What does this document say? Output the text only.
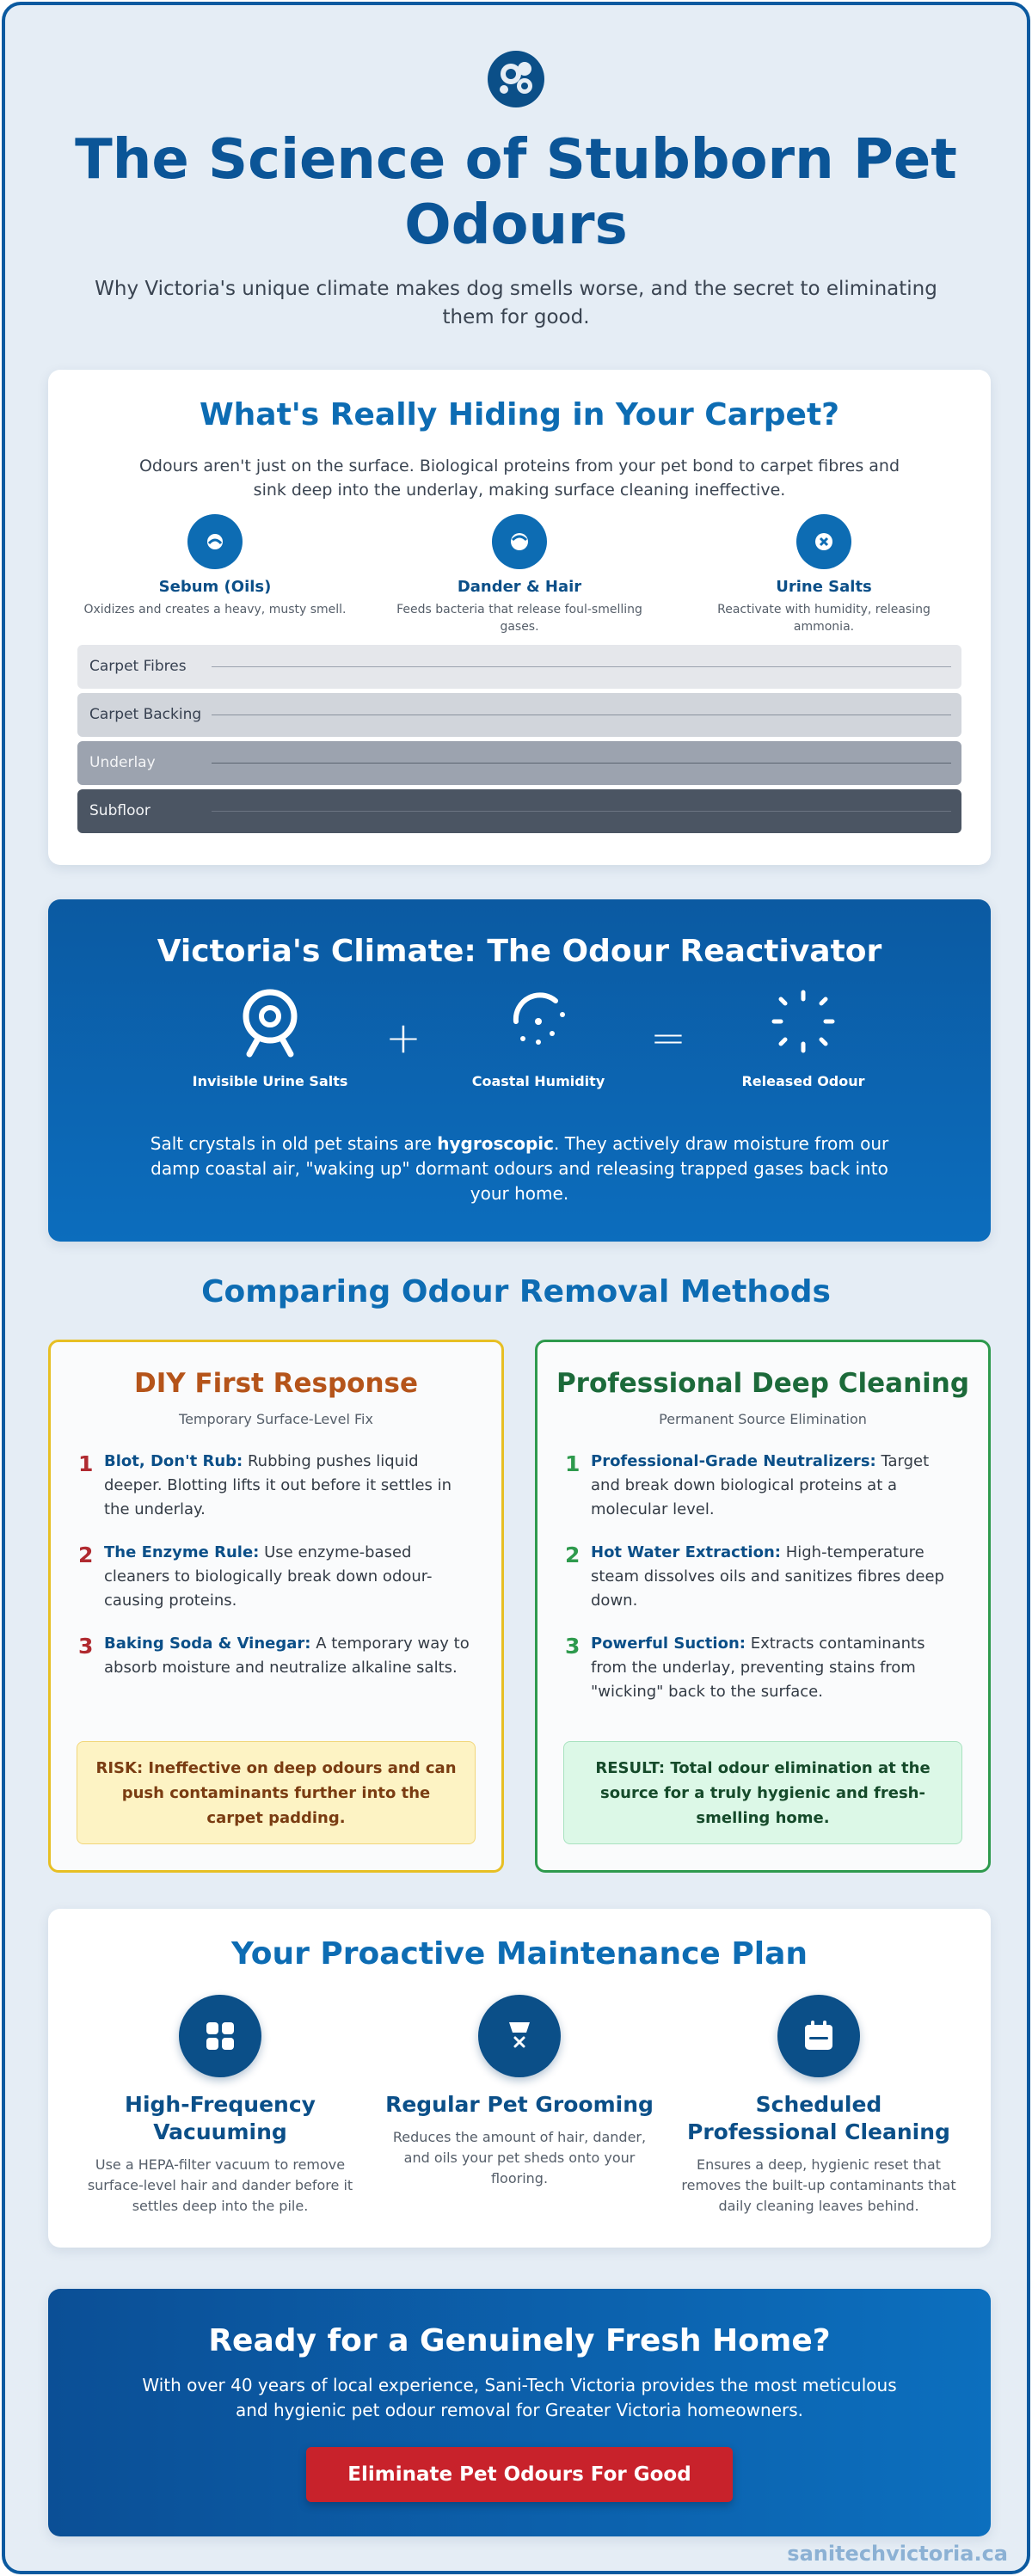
The Science of Stubborn Pet Odours

Why Victoria's unique climate makes dog smells worse, and the secret to eliminating them for good.

What's Really Hiding in Your Carpet?

Odours aren't just on the surface. Biological proteins from your pet bond to carpet fibres and sink deep into the underlay, making surface cleaning ineffective.

Sebum (Oils)
Oxidizes and creates a heavy, musty smell.
Dander & Hair
Feeds bacteria that release foul-smelling gases.
Urine Salts
Reactivate with humidity, releasing ammonia.
Carpet Fibres
Carpet Backing
Underlay
Subfloor
Victoria's Climate: The Odour Reactivator
Invisible Urine Salts
+
Coastal Humidity
=
Released Odour

Salt crystals in old pet stains are hygroscopic. They actively draw moisture from our damp coastal air, "waking up" dormant odours and releasing trapped gases back into your home.

Comparing Odour Removal Methods
DIY First Response
Temporary Surface-Level Fix
1 Blot, Don't Rub: Rubbing pushes liquid deeper. Blotting lifts it out before it settles in the underlay.
2 The Enzyme Rule: Use enzyme-based cleaners to biologically break down odour-causing proteins.
3 Baking Soda & Vinegar: A temporary way to absorb moisture and neutralize alkaline salts.
RISK: Ineffective on deep odours and can push contaminants further into the carpet padding.
Professional Deep Cleaning
Permanent Source Elimination
1 Professional-Grade Neutralizers: Target and break down biological proteins at a molecular level.
2 Hot Water Extraction: High-temperature steam dissolves oils and sanitizes fibres deep down.
3 Powerful Suction: Extracts contaminants from the underlay, preventing stains from "wicking" back to the surface.
RESULT: Total odour elimination at the source for a truly hygienic and fresh-smelling home.
Your Proactive Maintenance Plan
High-Frequency Vacuuming
Use a HEPA-filter vacuum to remove surface-level hair and dander before it settles deep into the pile.
Regular Pet Grooming
Reduces the amount of hair, dander, and oils your pet sheds onto your flooring.
Scheduled Professional Cleaning
Ensures a deep, hygienic reset that removes the built-up contaminants that daily cleaning leaves behind.
Ready for a Genuinely Fresh Home?

With over 40 years of local experience, Sani-Tech Victoria provides the most meticulous and hygienic pet odour removal for Greater Victoria homeowners.

Eliminate Pet Odours For Good
sanitechvictoria.ca
